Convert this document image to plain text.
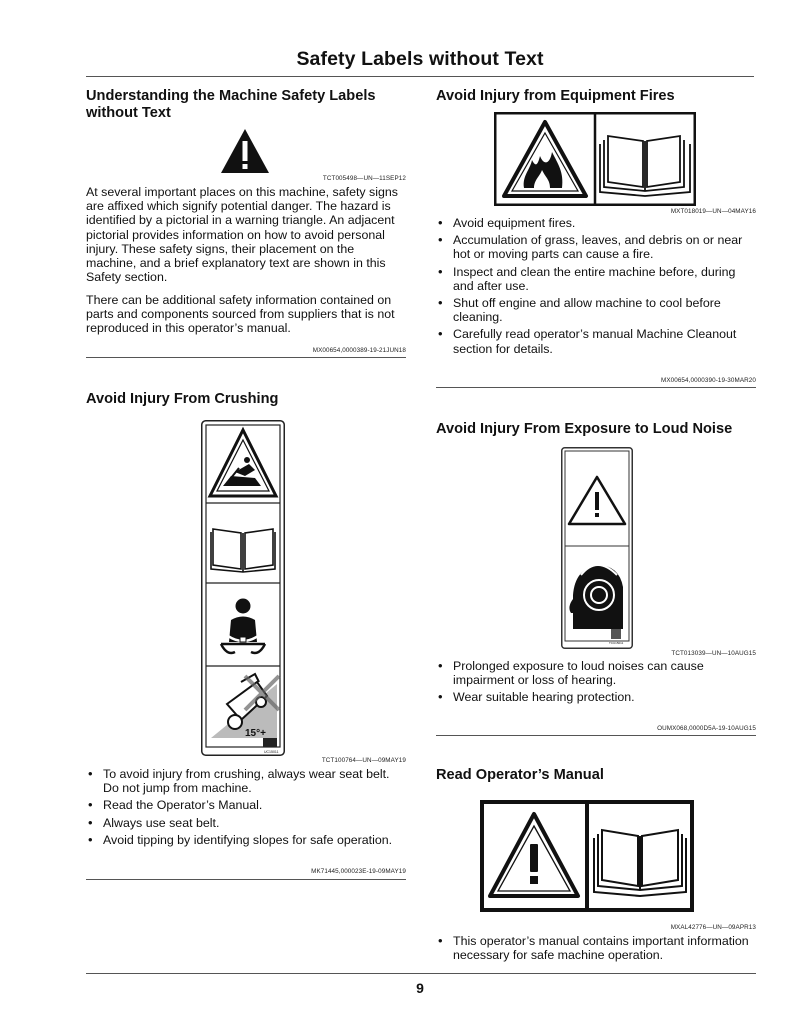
Safety Labels without Text
Understanding the Machine Safety Labels without Text
TCT005498—UN—11SEP12

At several important places on this machine, safety signs are affixed which signify potential danger. The hazard is identified by a pictorial in a warning triangle. An adjacent pictorial provides information on how to avoid personal injury. These safety signs, their placement on the machine, and a brief explanatory text are shown in this Safety section.

There can be additional safety information contained on parts and components sourced from suppliers that is not reproduced in this operator’s manual.

MX00654,0000389-19-21JUN18
Avoid Injury From Crushing
15°+
UC15011
TCT100764—UN—09MAY19
• To avoid injury from crushing, always wear seat belt. Do not jump from machine.
• Read the Operator’s Manual.
• Always use seat belt.
• Avoid tipping by identifying slopes for safe operation.
MK71445,000023E-19-09MAY19
Avoid Injury from Equipment Fires
MXT018019—UN—04MAY16
• Avoid equipment fires.
• Accumulation of grass, leaves, and debris on or near hot or moving parts can cause a fire.
• Inspect and clean the entire machine before, during and after use.
• Shut off engine and allow machine to cool before cleaning.
• Carefully read operator’s manual Machine Cleanout section for details.
MX00654,0000390-19-30MAR20
Avoid Injury From Exposure to Loud Noise
TCU15011
TCT013039—UN—10AUG15
• Prolonged exposure to loud noises can cause impairment or loss of hearing.
• Wear suitable hearing protection.
OUMX068,0000D5A-19-10AUG15
Read Operator’s Manual
MXAL42776—UN—09APR13
• This operator’s manual contains important information necessary for safe machine operation.
9
